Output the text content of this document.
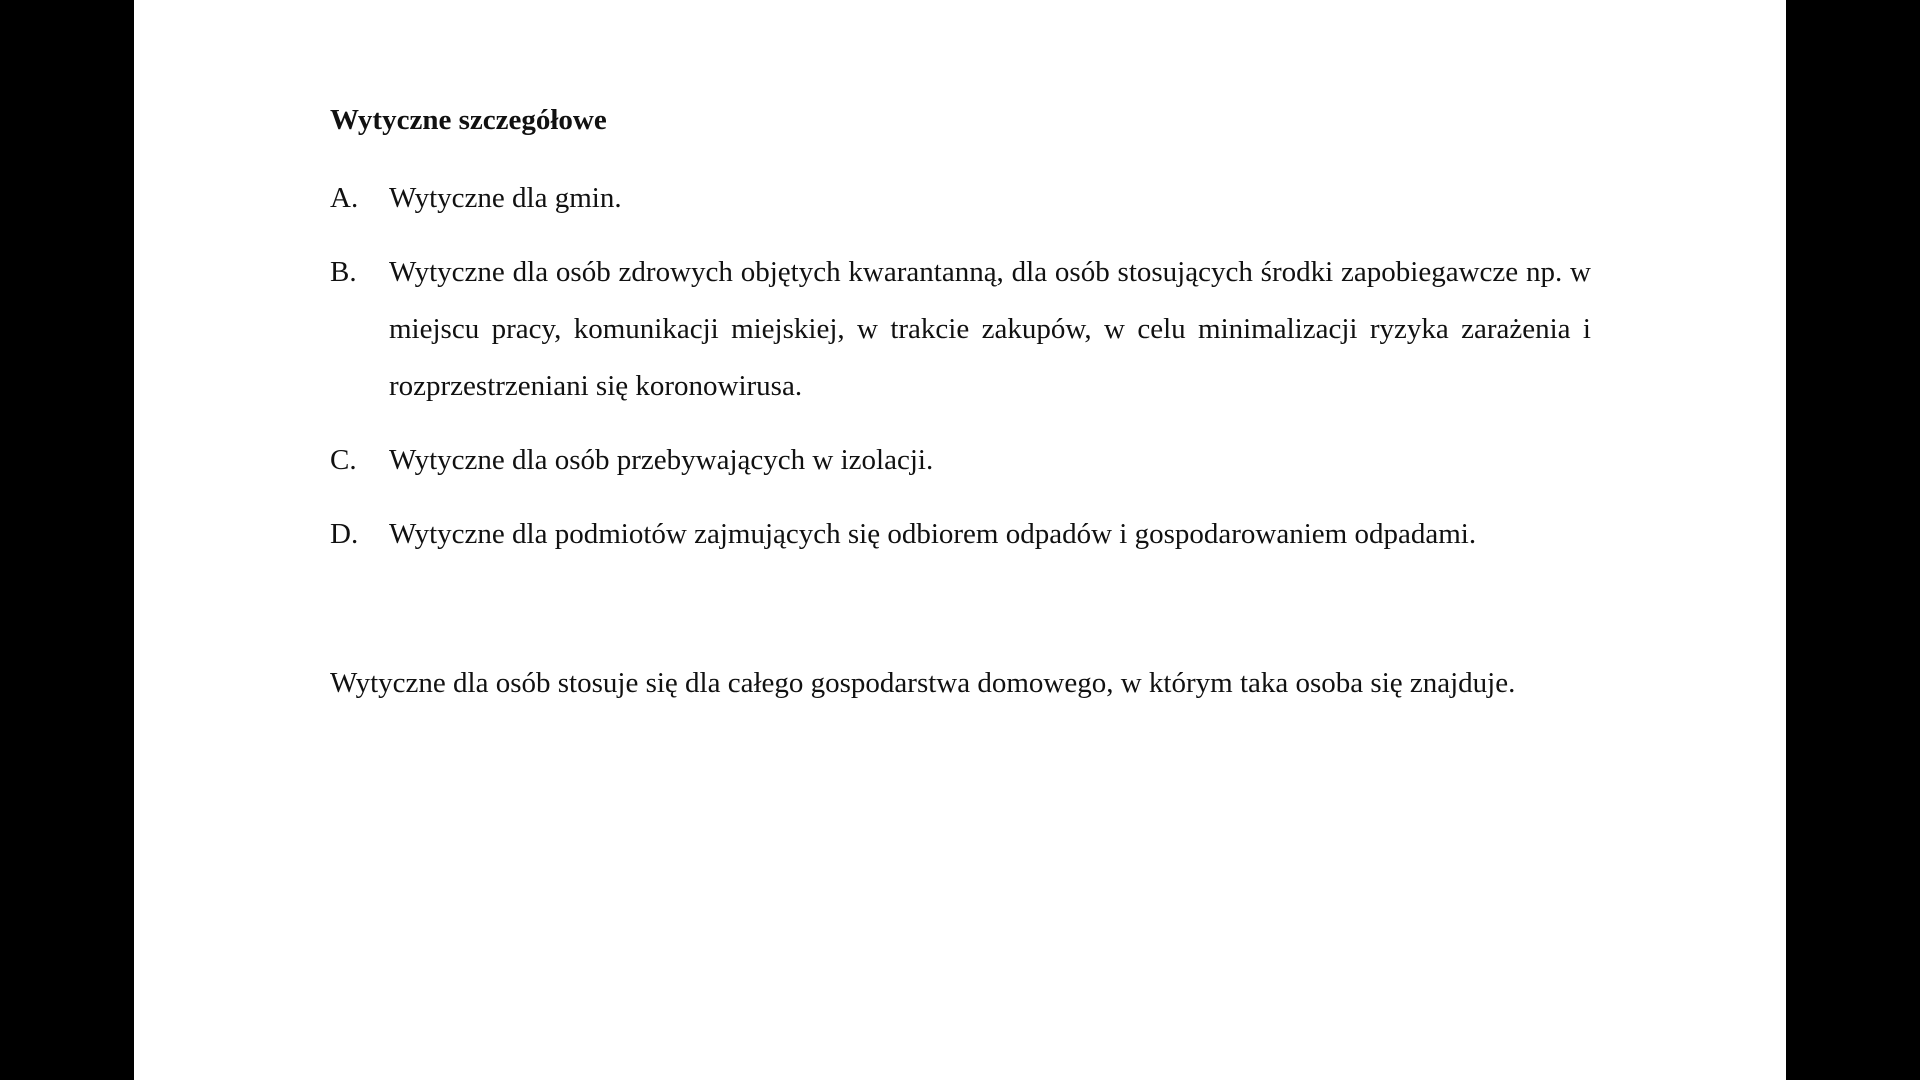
Wytyczne szczegółowe
A.	Wytyczne dla gmin.
B.	Wytyczne dla osób zdrowych objętych kwarantanną, dla osób stosujących środki zapobiegawcze np. w miejscu pracy, komunikacji miejskiej, w trakcie zakupów, w celu minimalizacji ryzyka zarażenia i rozprzestrzeniani się koronowirusa.
C.	Wytyczne dla osób przebywających w izolacji.
D.	Wytyczne dla podmiotów zajmujących się odbiorem odpadów i gospodarowaniem odpadami.
Wytyczne dla osób stosuje się dla całego gospodarstwa domowego, w którym taka osoba się znajduje.
